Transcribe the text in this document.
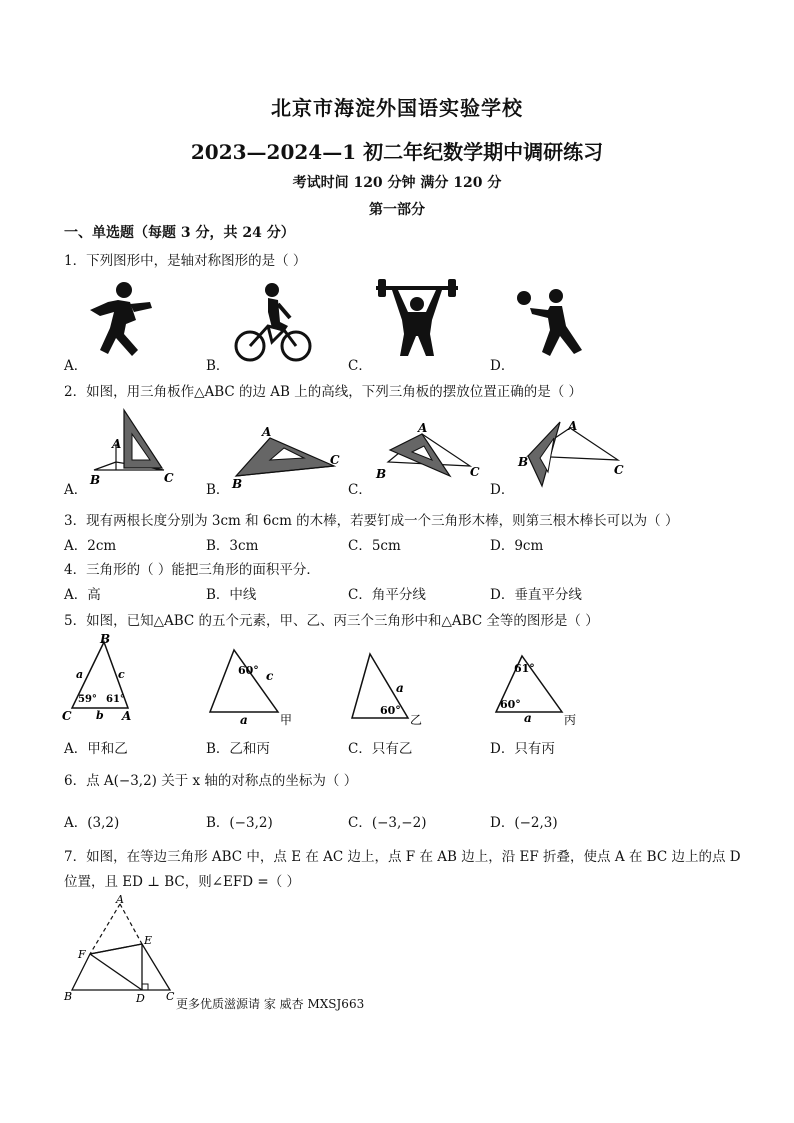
北京市海淀外国语实验学校
2023—2024—1 初二年纪数学期中调研练习
考试时间 120 分钟 满分 120 分
第一部分
一、单选题（每题 3 分，共 24 分）
1．下列图形中，是轴对称图形的是（ ）
A．	B．	C．	D．
2．如图，用三角板作△ABC 的边 AB 上的高线，下列三角板的摆放位置正确的是（ ）
A
B	C
A．
A
B
C
B．
A
B	C
C．
A
B
C
D．
3．现有两根长度分别为 3cm 和 6cm 的木棒，若要钉成一个三角形木棒，则第三根木棒长可以为（ ）
A．2cm	B．3cm	C．5cm	D．9cm
4．三角形的（ ）能把三角形的面积平分．
A．高	B．中线	C．角平分线	D．垂直平分线
5．如图，已知△ABC 的五个元素，甲、乙、丙三个三角形中和△ABC 全等的图形是（ ）
B
C	A
a	c
b
59° 61°
60° c
a	甲
a
60°
乙
61°
60°
a	丙
A．甲和乙	B．乙和丙	C．只有乙	D．只有丙
6．点 A(−3,2) 关于 x 轴的对称点的坐标为（ ）
A．(3,2)	B．(−3,2)	C．(−3,−2)	D．(−2,3)
7．如图，在等边三角形 ABC 中，点 E 在 AC 边上，点 F 在 AB 边上，沿 EF 折叠，使点 A 在 BC 边上的点 D
位置，且 ED ⊥ BC，则∠EFD =（ ）
A
B	C
D
E
F
更多优质滋源请 家 威杏 MXSJ663
